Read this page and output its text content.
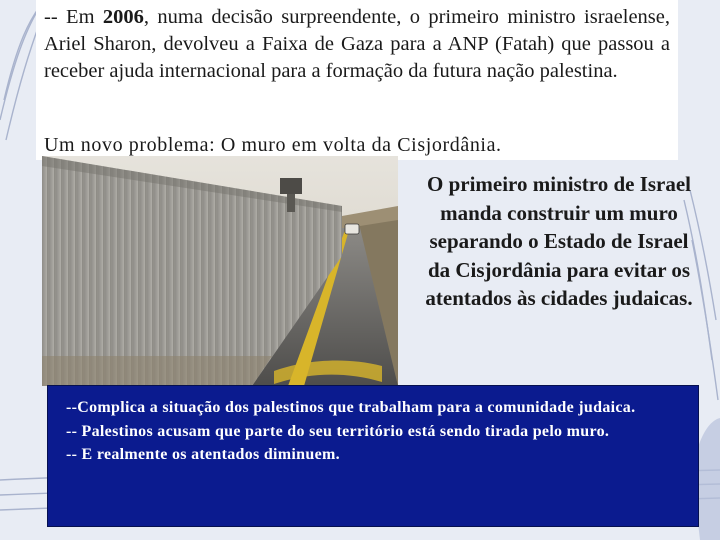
-- Em 2006, numa decisão surpreendente, o primeiro ministro israelense, Ariel Sharon, devolveu a Faixa de Gaza para a ANP (Fatah) que passou a receber ajuda internacional para a formação da futura nação palestina.

Um novo problema: O muro em volta da Cisjordânia.

O primeiro ministro de Israel manda construir um muro separando o Estado de Israel da Cisjordânia para evitar os atentados às cidades judaicas.

--Complica a situação dos palestinos que trabalham para a comunidade judaica.

-- Palestinos acusam que parte do seu território está sendo tirada pelo muro.

-- E realmente os atentados diminuem.
